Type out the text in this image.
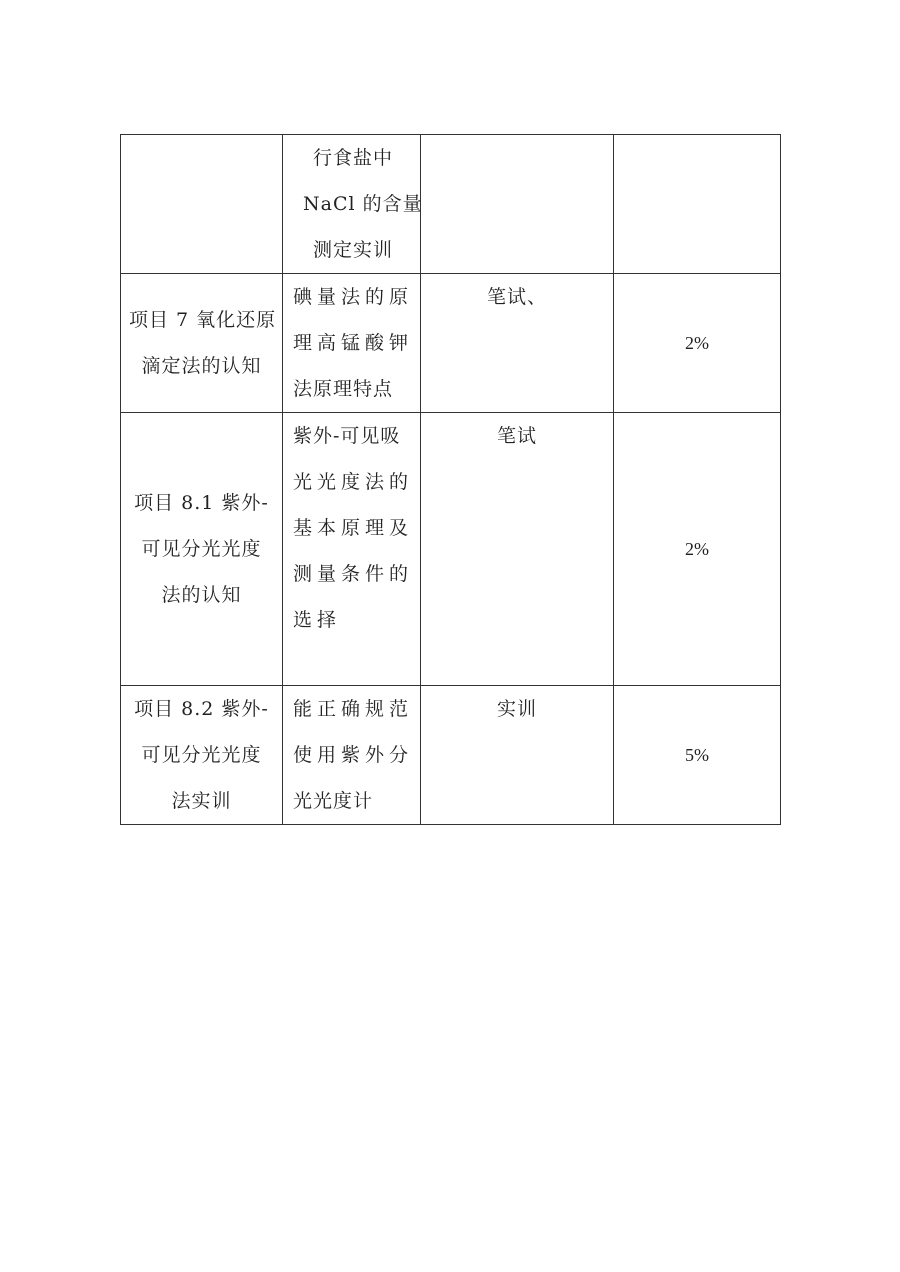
	行食盐中
NaCl 的含量
测定实训		

项目 7 氧化还原
滴定法的认知	碘量法的原
理高锰酸钾
法原理特点	笔试、	2%

项目 8.1 紫外-
可见分光光度
法的认知	紫外-可见吸
光光度法的
基本原理及
测量条件的
选择	笔试	2%

项目 8.2 紫外-
可见分光光度
法实训	能正确规范
使用紫外分
光光度计	实训	5%
